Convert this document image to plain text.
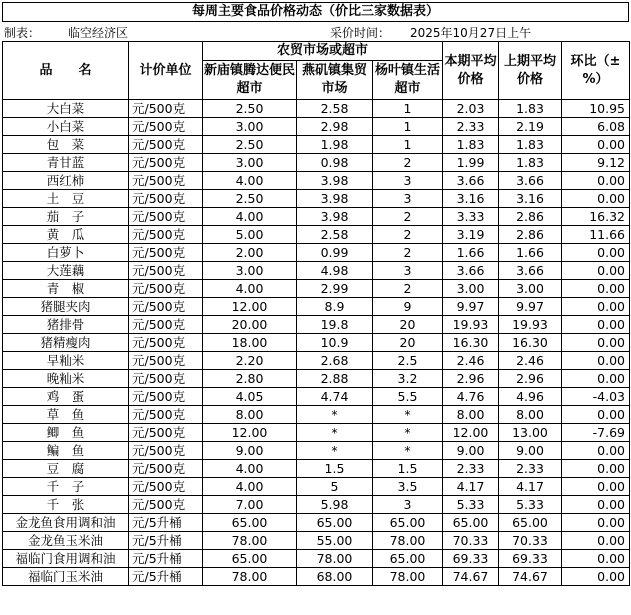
每周主要食品价格动态（价比三家数据表）
制表： 临空经济区	采价时间： 2025年10月27日上午
品　　名	计价单位	农贸市场或超市			本期平均价格	上期平均价格	环比（±%）
		新庙镇腾达便民超市	燕矶镇集贸市场	杨叶镇生活超市			
大白菜	元/500克	2.50	2.58	1	2.03	1.83	10.95
小白菜	元/500克	3.00	2.98	1	2.33	2.19	6.08
包　菜	元/500克	2.50	1.98	1	1.83	1.83	0.00
青甘蓝	元/500克	3.00	0.98	2	1.99	1.83	9.12
西红柿	元/500克	4.00	3.98	3	3.66	3.66	0.00
土　豆	元/500克	2.50	3.98	3	3.16	3.16	0.00
茄　子	元/500克	4.00	3.98	2	3.33	2.86	16.32
黄　瓜	元/500克	5.00	2.58	2	3.19	2.86	11.66
白萝卜	元/500克	2.00	0.99	2	1.66	1.66	0.00
大莲藕	元/500克	3.00	4.98	3	3.66	3.66	0.00
青　椒	元/500克	4.00	2.99	2	3.00	3.00	0.00
猪腿夹肉	元/500克	12.00	8.9	9	9.97	9.97	0.00
猪排骨	元/500克	20.00	19.8	20	19.93	19.93	0.00
猪精瘦肉	元/500克	18.00	10.9	20	16.30	16.30	0.00
早籼米	元/500克	2.20	2.68	2.5	2.46	2.46	0.00
晚籼米	元/500克	2.80	2.88	3.2	2.96	2.96	0.00
鸡　蛋	元/500克	4.05	4.74	5.5	4.76	4.96	-4.03
草　鱼	元/500克	8.00	*	*	8.00	8.00	0.00
鲫　鱼	元/500克	12.00	*	*	12.00	13.00	-7.69
鳊　鱼	元/500克	9.00	*	*	9.00	9.00	0.00
豆　腐	元/500克	4.00	1.5	1.5	2.33	2.33	0.00
千　子	元/500克	4.00	5	3.5	4.17	4.17	0.00
千　张	元/500克	7.00	5.98	3	5.33	5.33	0.00
金龙鱼食用调和油	元/5升桶	65.00	65.00	65.00	65.00	65.00	0.00
金龙鱼玉米油	元/5升桶	78.00	55.00	78.00	70.33	70.33	0.00
福临门食用调和油	元/5升桶	65.00	78.00	65.00	69.33	69.33	0.00
福临门玉米油	元/5升桶	78.00	68.00	78.00	74.67	74.67	0.00
